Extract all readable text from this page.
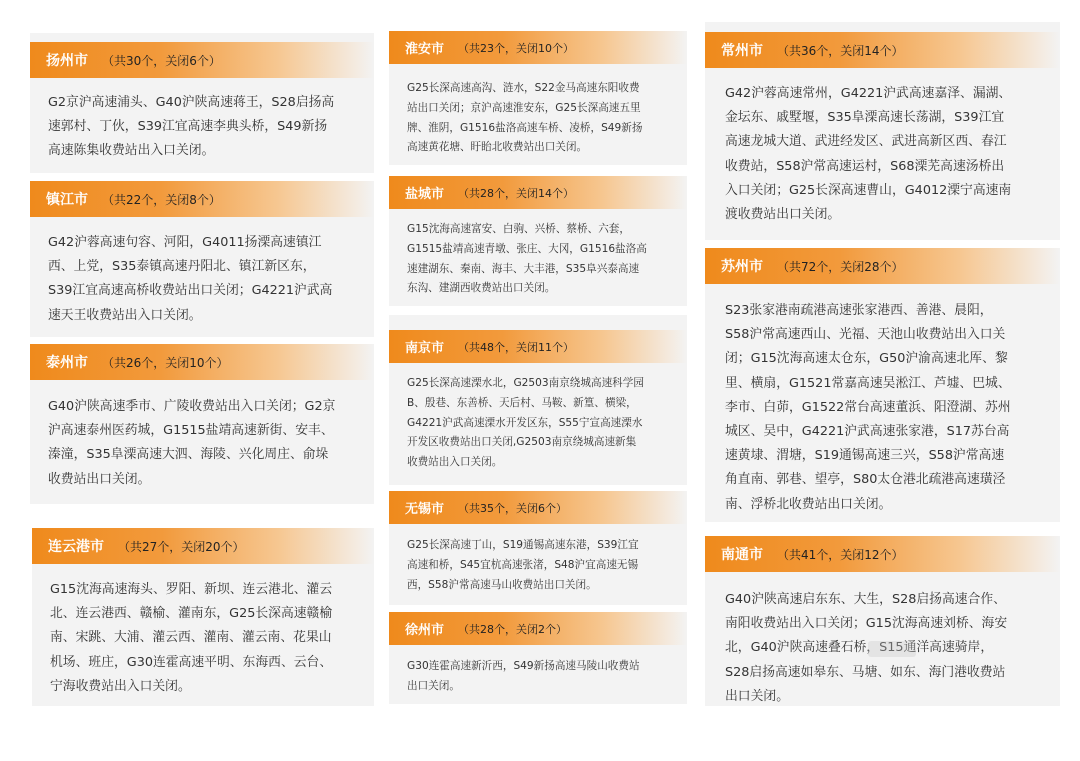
扬州市 （共30个，关闭6个）
G2京沪高速浦头、G40沪陕高速蒋王，S28启扬高
速郭村、丁伙，S39江宜高速李典头桥，S49新扬
高速陈集收费站出入口关闭。
镇江市 （共22个，关闭8个）
G42沪蓉高速句容、河阳，G4011扬溧高速镇江
西、上党，S35泰镇高速丹阳北、镇江新区东，
S39江宜高速高桥收费站出口关闭；G4221沪武高
速天王收费站出入口关闭。
泰州市 （共26个，关闭10个）
G40沪陕高速季市、广陵收费站出入口关闭；G2京
沪高速泰州医药城，G1515盐靖高速新街、安丰、
溱潼，S35阜溧高速大泗、海陵、兴化周庄、俞垛
收费站出口关闭。
连云港市 （共27个，关闭20个）
G15沈海高速海头、罗阳、新坝、连云港北、灌云
北、连云港西、赣榆、灌南东，G25长深高速赣榆
南、宋跳、大浦、灌云西、灌南、灌云南、花果山
机场、班庄，G30连霍高速平明、东海西、云台、
宁海收费站出入口关闭。
淮安市 （共23个，关闭10个）
G25长深高速高沟、涟水，S22金马高速东阳收费
站出口关闭；京沪高速淮安东，G25长深高速五里
牌、淮阴，G1516盐洛高速车桥、凌桥，S49新扬
高速黄花塘、盱眙北收费站出口关闭。
盐城市 （共28个，关闭14个）
G15沈海高速富安、白驹、兴桥、蔡桥、六套，
G1515盐靖高速青墩、张庄、大冈，G1516盐洛高
速建湖东、秦南、海丰、大丰港，S35阜兴泰高速
东沟、建湖西收费站出口关闭。
南京市 （共48个，关闭11个）
G25长深高速溧水北，G2503南京绕城高速科学园
B、殷巷、东善桥、天后村、马鞍、新篁、横梁，
G4221沪武高速溧水开发区东，S55宁宣高速溧水
开发区收费站出口关闭,G2503南京绕城高速新集
收费站出入口关闭。
无锡市 （共35个，关闭6个）
G25长深高速丁山，S19通锡高速东港，S39江宜
高速和桥，S45宜杭高速张渚，S48沪宜高速无锡
西，S58沪常高速马山收费站出口关闭。
徐州市 （共28个，关闭2个）
G30连霍高速新沂西，S49新扬高速马陵山收费站
出口关闭。
常州市 （共36个，关闭14个）
G42沪蓉高速常州，G4221沪武高速嘉泽、漏湖、
金坛东、戚墅堰，S35阜溧高速长荡湖，S39江宜
高速龙城大道、武进经发区、武进高新区西、春江
收费站，S58沪常高速运村，S68溧芜高速汤桥出
入口关闭；G25长深高速曹山，G4012溧宁高速南
渡收费站出口关闭。
苏州市 （共72个，关闭28个）
S23张家港南疏港高速张家港西、善港、晨阳，
S58沪常高速西山、光福、天池山收费站出入口关
闭；G15沈海高速太仓东，G50沪渝高速北厍、黎
里、横扇，G1521常嘉高速吴淞江、芦墟、巴城、
李市、白茆，G1522常台高速董浜、阳澄湖、苏州
城区、吴中，G4221沪武高速张家港，S17苏台高
速黄埭、渭塘，S19通锡高速三兴，S58沪常高速
角直南、郭巷、望亭，S80太仓港北疏港高速璜泾
南、浮桥北收费站出口关闭。
南通市 （共41个，关闭12个）
G40沪陕高速启东东、大生，S28启扬高速合作、
南阳收费站出入口关闭；G15沈海高速刘桥、海安
北，G40沪陕高速叠石桥，S15通洋高速骑岸，
S28启扬高速如皋东、马塘、如东、海门港收费站
出口关闭。
